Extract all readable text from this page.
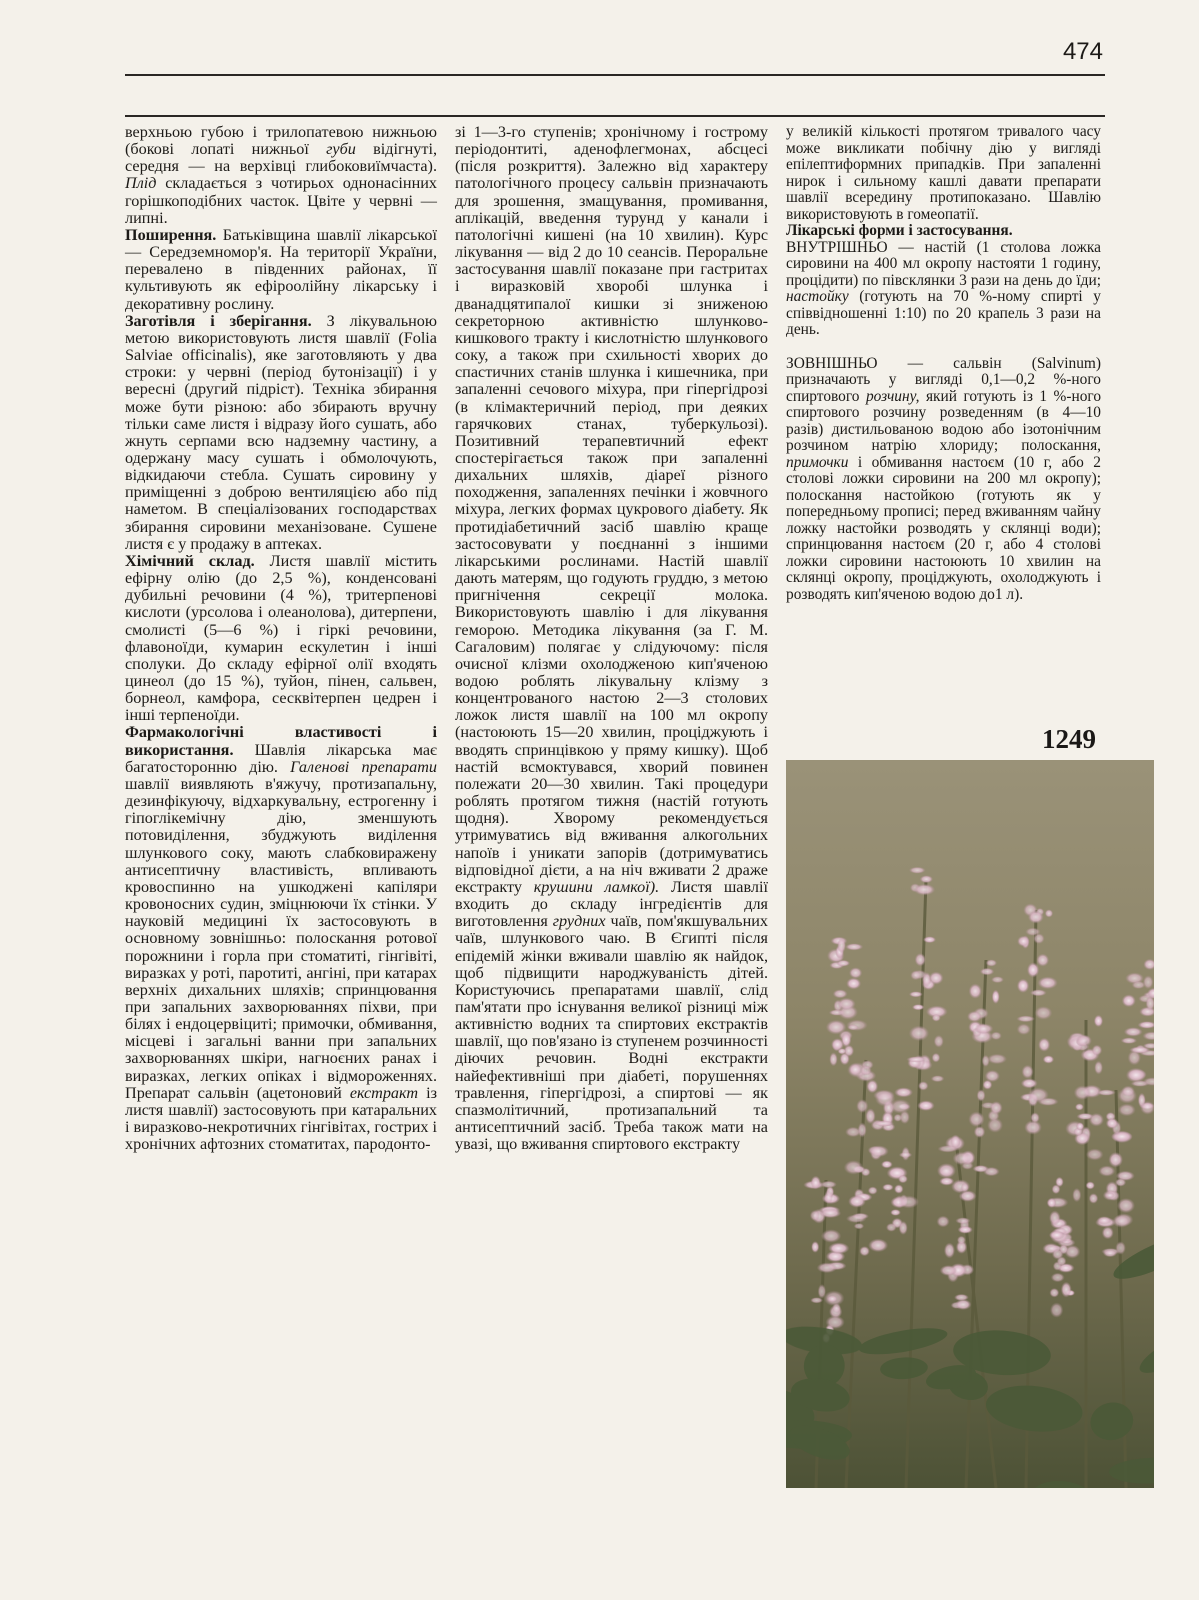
474

верхньою губою і трилопатевою нижньою (бокові лопаті нижньої губи відігнуті, середня — на верхівці глибоковиїмчаста). Плід складається з чотирьох однонасінних горішкоподібних часток. Цвіте у червні — липні.

Поширення. Батьківщина шавлії лікарської — Середземномор'я. На території України, перевалено в південних районах, її культивують як ефіроолійну лікарську і декоративну рослину.

Заготівля і зберігання. З лікувальною метою використовують листя шавлії (Folia Salviae officinalis), яке заготовляють у два строки: у червні (період бутонізації) і у вересні (другий підріст). Техніка збирання може бути різною: або збирають вручну тільки саме листя і відразу його сушать, або жнуть серпами всю надземну частину, а одержану масу сушать і обмолочують, відкидаючи стебла. Сушать сировину у приміщенні з доброю вентиляцією або під наметом. В спеціалізованих господарствах збирання сировини механізоване. Сушене листя є у продажу в аптеках.

Хімічний склад. Листя шавлії містить ефірну олію (до 2,5 %), конденсовані дубильні речовини (4 %), тритерпенові кислоти (урсолова і олеанолова), дитерпени, смолисті (5—6 %) і гіркі речовини, флавоноїди, кумарин ескулетин і інші сполуки. До складу ефірної олії входять цинеол (до 15 %), туйон, пінен, сальвен, борнеол, камфора, сесквітерпен цедрен і інші терпеноїди.

Фармакологічні властивості і використання. Шавлія лікарська має багатосторонню дію. Галенові препарати шавлії виявляють в'яжучу, протизапальну, дезинфікуючу, відхаркувальну, естрогенну і гіпоглікемічну дію, зменшують потовиділення, збуджують виділення шлункового соку, мають слабковиражену антисептичну властивість, впливають кровоспинно на ушкоджені капіляри кровоносних судин, зміцнюючи їх стінки. У науковій медицині їх застосовують в основному зовнішньо: полоскання ротової порожнини і горла при стоматиті, гінгівіті, виразках у роті, паротиті, ангіні, при катарах верхніх дихальних шляхів; спринцювання при запальних захворюваннях піхви, при білях і ендоцервіциті; примочки, обмивання, місцеві і загальні ванни при запальних захворюваннях шкіри, нагноєних ранах і виразках, легких опіках і відмороженнях. Препарат сальвін (ацетоновий екстракт із листя шавлії) застосовують при катаральних і виразково-некротичних гінгівітах, гострих і хронічних афтозних стоматитах, пародонто-

зі 1—3-го ступенів; хронічному і гострому періодонтиті, аденофлегмонах, абсцесі (після розкриття). Залежно від характеру патологічного процесу сальвін призначають для зрошення, змащування, промивання, аплікацій, введення турунд у канали і патологічні кишені (на 10 хвилин). Курс лікування — від 2 до 10 сеансів. Пероральне застосування шавлії показане при гастритах і виразковій хворобі шлунка і дванадцятипалої кишки зі зниженою секреторною активністю шлунково-кишкового тракту і кислотністю шлункового соку, а також при схильності хворих до спастичних станів шлунка і кишечника, при запаленні сечового міхура, при гіпергідрозі (в клімактеричний період, при деяких гарячкових станах, туберкульозі). Позитивний терапевтичний ефект спостерігається також при запаленні дихальних шляхів, діареї різного походження, запаленнях печінки і жовчного міхура, легких формах цукрового діабету. Як протидіабетичний засіб шавлію краще застосовувати у поєднанні з іншими лікарськими рослинами. Настій шавлії дають матерям, що годують груддю, з метою пригнічення секреції молока. Використовують шавлію і для лікування геморою. Методика лікування (за Г. М. Сагаловим) полягає у слідуючому: після очисної клізми охолодженою кип'яченою водою роблять лікувальну клізму з концентрованого настою 2—3 столових ложок листя шавлії на 100 мл окропу (настоюють 15—20 хвилин, проціджують і вводять спринцівкою у пряму кишку). Щоб настій всмоктувався, хворий повинен полежати 20—30 хвилин. Такі процедури роблять протягом тижня (настій готують щодня). Хворому рекомендується утримуватись від вживання алкогольних напоїв і уникати запорів (дотримуватись відповідної дієти, а на ніч вживати 2 драже екстракту крушини ламкої). Листя шавлії входить до складу інгредієнтів для виготовлення грудних чаїв, пом'якшувальних чаїв, шлункового чаю. В Єгипті після епідемій жінки вживали шавлію як найдок, щоб підвищити народжуваність дітей. Користуючись препаратами шавлії, слід пам'ятати про існування великої різниці між активністю водних та спиртових екстрактів шавлії, що пов'язано із ступенем розчинності діючих речовин. Водні екстракти найефективніші при діабеті, порушеннях травлення, гіпергідрозі, а спиртові — як спазмолітичний, протизапальний та антисептичний засіб. Треба також мати на увазі, що вживання спиртового екстракту

у великій кількості протягом тривалого часу може викликати побічну дію у вигляді епілептиформних припадків. При запаленні нирок і сильному кашлі давати препарати шавлії всередину протипоказано. Шавлію використовують в гомеопатії.

Лікарські форми і застосування.

ВНУТРІШНЬО — настій (1 столова ложка сировини на 400 мл окропу настояти 1 годину, процідити) по півсклянки 3 рази на день до їди; настойку (готують на 70 %-ному спирті у співвідношенні 1:10) по 20 крапель 3 рази на день.

ЗОВНІШНЬО — сальвін (Salvinum) призначають у вигляді 0,1—0,2 %-ного спиртового розчину, який готують із 1 %-ного спиртового розчину розведенням (в 4—10 разів) дистильованою водою або ізотонічним розчином натрію хлориду; полоскання, примочки і обмивання настоєм (10 г, або 2 столові ложки сировини на 200 мл окропу); полоскання настойкою (готують як у попередньому прописі; перед вживанням чайну ложку настойки розводять у склянці води); спринцювання настоєм (20 г, або 4 столові ложки сировини настоюють 10 хвилин на склянці окропу, проціджують, охолоджують і розводять кип'яченою водою до1 л).

1249
